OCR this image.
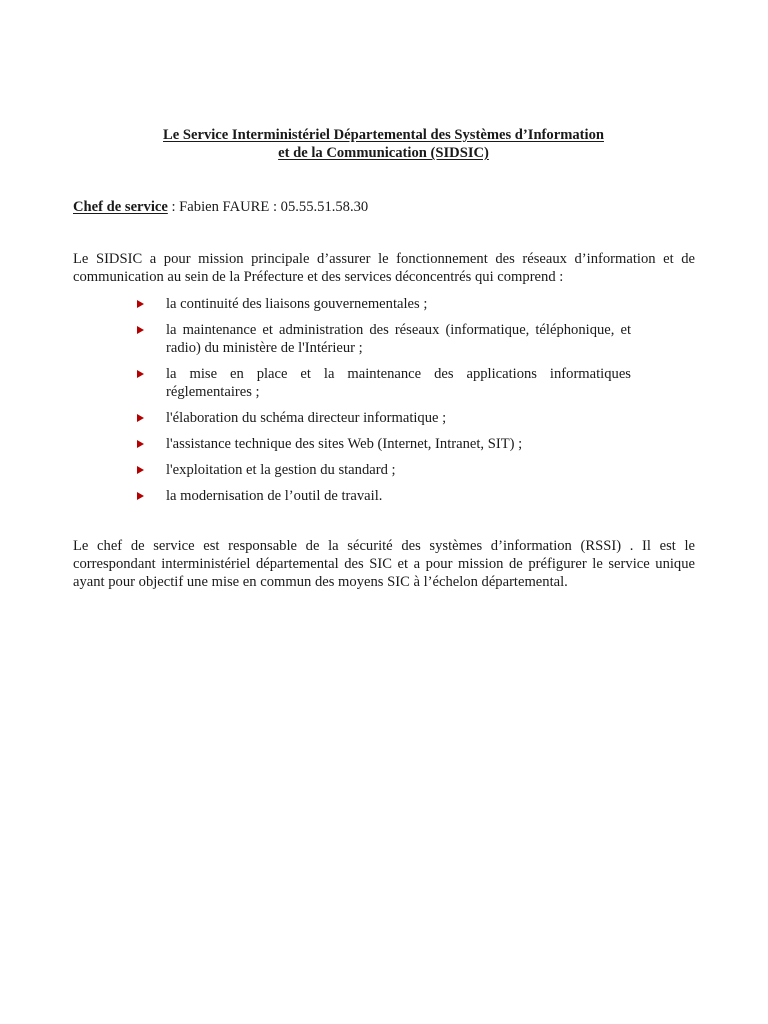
Le Service Interministériel Départemental des Systèmes d’Information
et de la Communication (SIDSIC)
Chef de service : Fabien FAURE : 05.55.51.58.30
Le SIDSIC a pour mission principale d’assurer le fonctionnement des réseaux d’information et de communication au sein de la Préfecture et des services déconcentrés qui comprend :
la continuité des liaisons gouvernementales ;
la maintenance et administration des réseaux (informatique, téléphonique, et radio) du ministère de l'Intérieur ;
la mise en place et la maintenance des applications informatiques réglementaires ;
l'élaboration du schéma directeur informatique ;
l'assistance technique des sites Web (Internet, Intranet, SIT) ;
l'exploitation et la gestion du standard ;
la modernisation de l’outil de travail.
Le chef de service est responsable de la sécurité des systèmes d’information (RSSI) . Il est le correspondant interministériel départemental des SIC et a pour mission de préfigurer le service unique ayant pour objectif une mise en commun des moyens SIC à l’échelon départemental.
